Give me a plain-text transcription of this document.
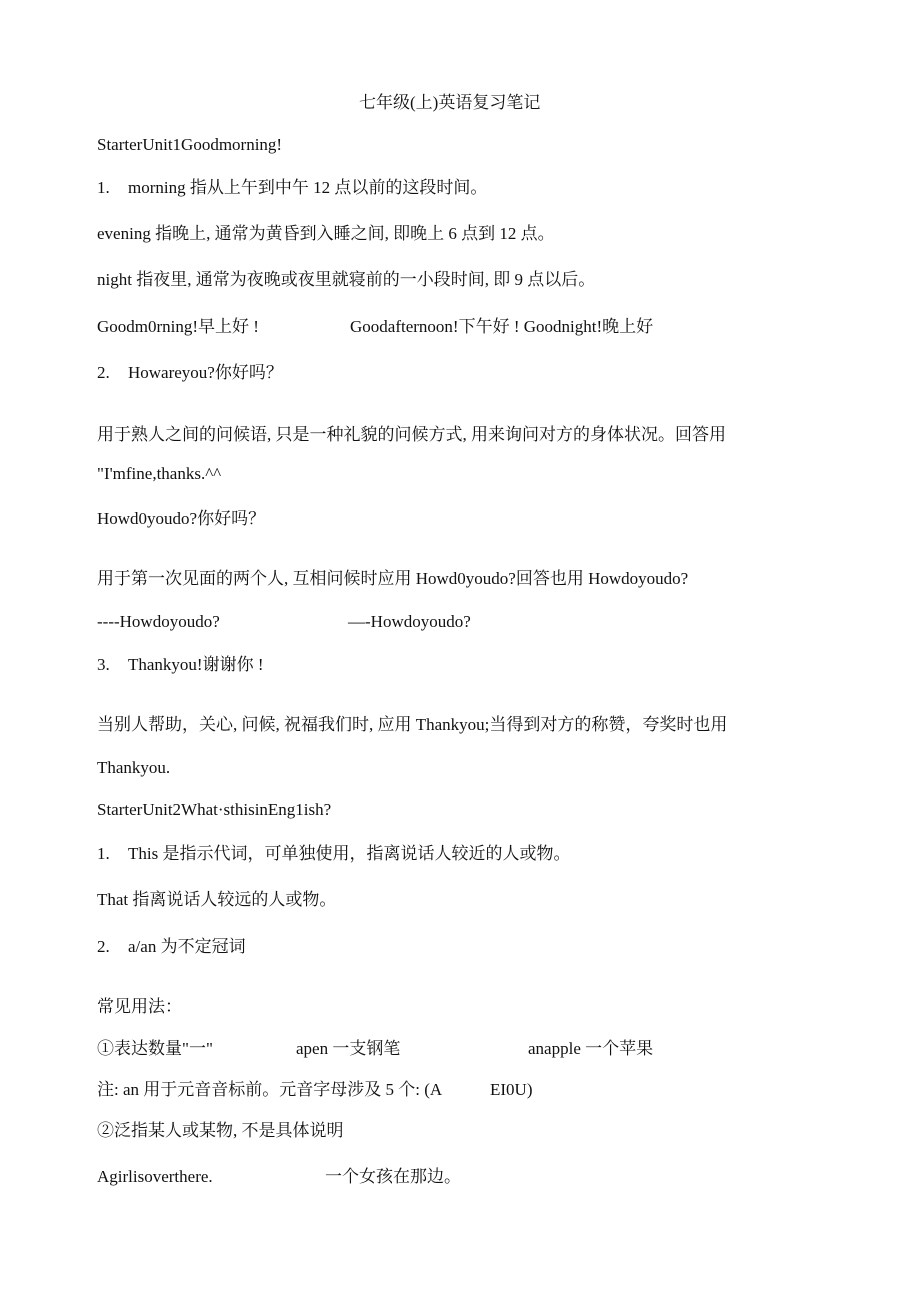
七年级(上)英语复习笔记
StarterUnit1Goodmorning!
1. morning 指从上午到中午 12 点以前的这段时间。
evening 指晚上, 通常为黄昏到入睡之间, 即晚上 6 点到 12 点。
night 指夜里, 通常为夜晚或夜里就寝前的一小段时间, 即 9 点以后。
Goodm0rning!早上好 !	Goodafternoon!下午好 ! Goodnight!晚上好
2. Howareyou?你好吗？
用于熟人之间的问候语, 只是一种礼貌的问候方式, 用来询问对方的身体状况。回答用
"I'mfine,thanks.^^
Howd0youdo?你好吗？
用于第一次见面的两个人, 互相问候时应用 Howd0youdo?回答也用 Howdoyoudo?
----Howdoyoudo?	—-Howdoyoudo?
3. Thankyou!谢谢你 !
当别人帮助，关心, 问候, 祝福我们时, 应用 Thankyou;当得到对方的称赞，夸奖时也用
Thankyou.
StarterUnit2What·sthisinEng1ish?
1. This 是指示代词，可单独使用，指离说话人较近的人或物。
That 指离说话人较远的人或物。
2. a/an 为不定冠词
常见用法：
①表达数量"一"	apen 一支钢笔	anapple 一个苹果
注: an 用于元音音标前。元音字母涉及 5 个: (A	EI0U)
②泛指某人或某物, 不是具体说明
Agirlisoverthere.	一个女孩在那边。
